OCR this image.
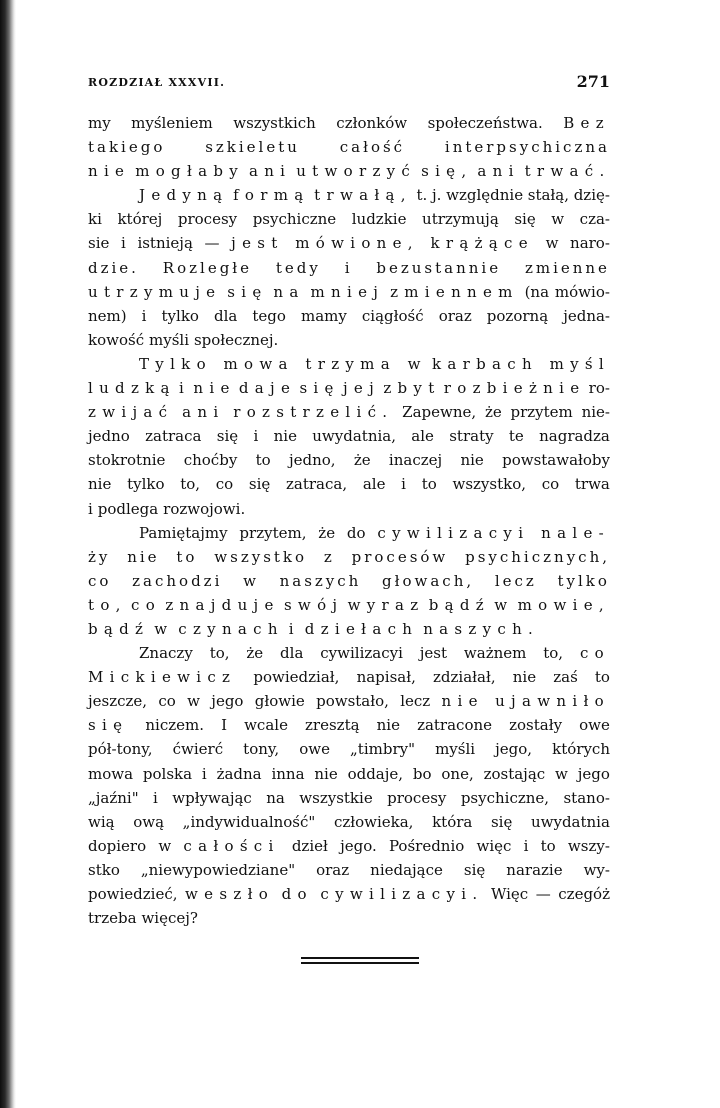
ROZDZIAŁ XXXVII.	271
my myśleniem wszystkich członków społeczeństwa. Bez
takiego	szkieletu	całość	interpsychiczna
nie mogłaby ani utworzyć się, ani trwać.
Jedyną formą trwałą, t. j. względnie stałą, dzię‐
ki której procesy psychiczne ludzkie utrzymują się w cza‐
sie i istnieją — jest mówione, krążące w naro‐
dzie. Rozległe tedy i bezustannie zmienne
utrzymuje się na mniej zmiennem (na mówio‐
nem) i tylko dla tego mamy ciągłość oraz pozorną jedna‐
kowość myśli społecznej.
Tylko mowa trzyma w karbach myśl
ludzką i nie daje się jej zbyt rozbieżnie ro‐
zwijać ani rozstrzelić. Zapewne, że przytem nie‐
jedno zatraca się i nie uwydatnia, ale straty te nagradza
stokrotnie choćby to jedno, że inaczej nie powstawałoby
nie tylko to, co się zatraca, ale i to wszystko, co trwa
i podlega rozwojowi.
Pamiętajmy przytem, że do cywilizacyi nale‐
ży nie to wszystko z procesów psychicznych,
co zachodzi w naszych głowach, lecz tylko
to, co znajduje swój wyraz bądź w mowie,
bądź w czynach i dziełach naszych.
Znaczy to, że dla cywilizacyi jest ważnem to, co
Mickiewicz powiedział, napisał, zdziałał, nie zaś to
jeszcze, co w jego głowie powstało, lecz nie ujawniło
się niczem. I wcale zresztą nie zatracone zostały owe
pół‐tony, ćwierć tony, owe „timbry" myśli jego, których
mowa polska i żadna inna nie oddaje, bo one, zostając w jego
„jaźni" i wpływając na wszystkie procesy psychiczne, stano‐
wią ową „indywidualność" człowieka, która się uwydatnia
dopiero w całości dzieł jego. Pośrednio więc i to wszy‐
stko „niewypowiedziane" oraz niedające się narazie wy‐
powiedzieć, weszło do cywilizacyi. Więc — czegóż
trzeba więcej?
